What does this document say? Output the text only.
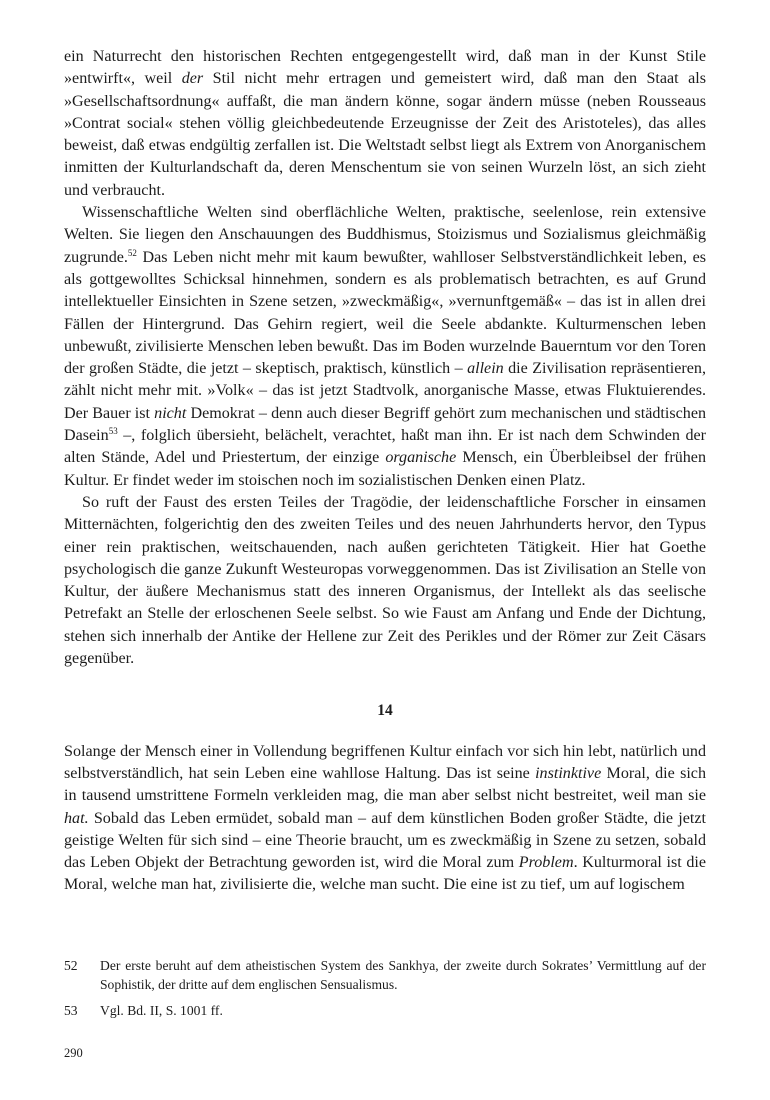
ein Naturrecht den historischen Rechten entgegengestellt wird, daß man in der Kunst Stile »entwirft«, weil der Stil nicht mehr ertragen und gemeistert wird, daß man den Staat als »Gesellschaftsordnung« auffaßt, die man ändern könne, sogar ändern müsse (neben Rousseaus »Contrat social« stehen völlig gleichbedeutende Erzeugnisse der Zeit des Aristoteles), das alles beweist, daß etwas endgültig zerfallen ist. Die Weltstadt selbst liegt als Extrem von Anorganischem inmitten der Kulturlandschaft da, deren Menschentum sie von seinen Wurzeln löst, an sich zieht und verbraucht.

Wissenschaftliche Welten sind oberflächliche Welten, praktische, seelenlose, rein extensive Welten. Sie liegen den Anschauungen des Buddhismus, Stoizismus und Sozialismus gleichmäßig zugrunde.$^{52}$ Das Leben nicht mehr mit kaum bewußter, wahlloser Selbstverständlichkeit leben, es als gottgewolltes Schicksal hinnehmen, sondern es als problematisch betrachten, es auf Grund intellektueller Einsichten in Szene setzen, »zweckmäßig«, »vernunftgemäß« – das ist in allen drei Fällen der Hintergrund. Das Gehirn regiert, weil die Seele abdankte. Kulturmenschen leben unbewußt, zivilisierte Menschen leben bewußt. Das im Boden wurzelnde Bauerntum vor den Toren der großen Städte, die jetzt – skeptisch, praktisch, künstlich – allein die Zivilisation repräsentieren, zählt nicht mehr mit. »Volk« – das ist jetzt Stadtvolk, anorganische Masse, etwas Fluktuierendes. Der Bauer ist nicht Demokrat – denn auch dieser Begriff gehört zum mechanischen und städtischen Dasein$^{53}$ –, folglich übersieht, belächelt, verachtet, haßt man ihn. Er ist nach dem Schwinden der alten Stände, Adel und Priestertum, der einzige organische Mensch, ein Überbleibsel der frühen Kultur. Er findet weder im stoischen noch im sozialistischen Denken einen Platz.

So ruft der Faust des ersten Teiles der Tragödie, der leidenschaftliche Forscher in einsamen Mitternächten, folgerichtig den des zweiten Teiles und des neuen Jahrhunderts hervor, den Typus einer rein praktischen, weitschauenden, nach außen gerichteten Tätigkeit. Hier hat Goethe psychologisch die ganze Zukunft Westeuropas vorweggenommen. Das ist Zivilisation an Stelle von Kultur, der äußere Mechanismus statt des inneren Organismus, der Intellekt als das seelische Petrefakt an Stelle der erloschenen Seele selbst. So wie Faust am Anfang und Ende der Dichtung, stehen sich innerhalb der Antike der Hellene zur Zeit des Perikles und der Römer zur Zeit Cäsars gegenüber.

14

Solange der Mensch einer in Vollendung begriffenen Kultur einfach vor sich hin lebt, natürlich und selbstverständlich, hat sein Leben eine wahllose Haltung. Das ist seine instinktive Moral, die sich in tausend umstrittene Formeln verkleiden mag, die man aber selbst nicht bestreitet, weil man sie hat. Sobald das Leben ermüdet, sobald man – auf dem künstlichen Boden großer Städte, die jetzt geistige Welten für sich sind – eine Theorie braucht, um es zweckmäßig in Szene zu setzen, sobald das Leben Objekt der Betrachtung geworden ist, wird die Moral zum Problem. Kulturmoral ist die Moral, welche man hat, zivilisierte die, welche man sucht. Die eine ist zu tief, um auf logischem

52	Der erste beruht auf dem atheistischen System des Sankhya, der zweite durch Sokrates’ Vermittlung auf der Sophistik, der dritte auf dem englischen Sensualismus.
53	Vgl. Bd. II, S. 1001 ff.
290
